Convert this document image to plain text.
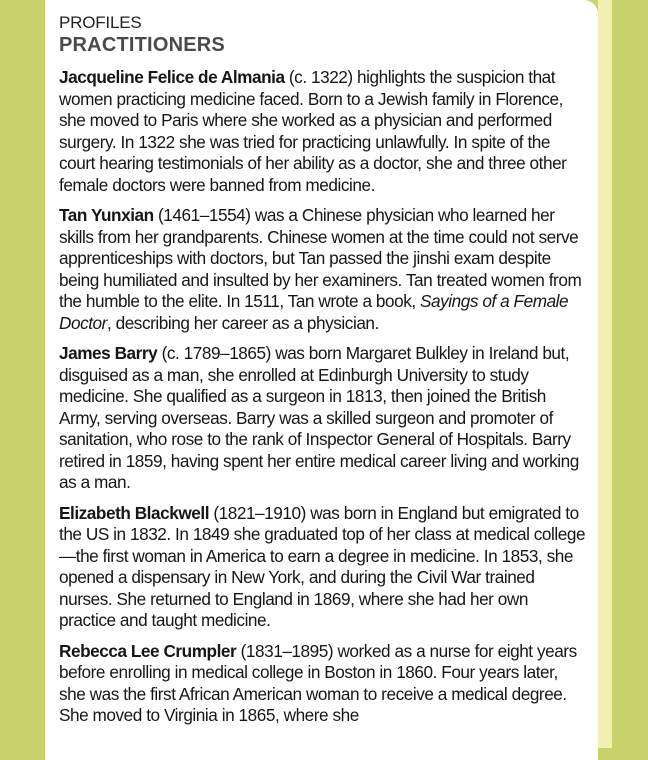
PROFILES

PRACTITIONERS

Jacqueline Felice de Almania (c. 1322) highlights the suspicion that women practicing medicine faced. Born to a Jewish family in Florence, she moved to Paris where she worked as a physician and performed surgery. In 1322 she was tried for practicing unlawfully. In spite of the court hearing testimonials of her ability as a doctor, she and three other female doctors were banned from medicine.

Tan Yunxian (1461–1554) was a Chinese physician who learned her skills from her grandparents. Chinese women at the time could not serve apprenticeships with doctors, but Tan passed the jinshi exam despite being humiliated and insulted by her examiners. Tan treated women from the humble to the elite. In 1511, Tan wrote a book, Sayings of a Female Doctor, describing her career as a physician.

James Barry (c. 1789–1865) was born Margaret Bulkley in Ireland but, disguised as a man, she enrolled at Edinburgh University to study medicine. She qualified as a surgeon in 1813, then joined the British Army, serving overseas. Barry was a skilled surgeon and promoter of sanitation, who rose to the rank of Inspector General of Hospitals. Barry retired in 1859, having spent her entire medical career living and working as a man.

Elizabeth Blackwell (1821–1910) was born in England but emigrated to the US in 1832. In 1849 she graduated top of her class at medical college—the first woman in America to earn a degree in medicine. In 1853, she opened a dispensary in New York, and during the Civil War trained nurses. She returned to England in 1869, where she had her own practice and taught medicine.

Rebecca Lee Crumpler (1831–1895) worked as a nurse for eight years before enrolling in medical college in Boston in 1860. Four years later, she was the first African American woman to receive a medical degree. She moved to Virginia in 1865, where she
